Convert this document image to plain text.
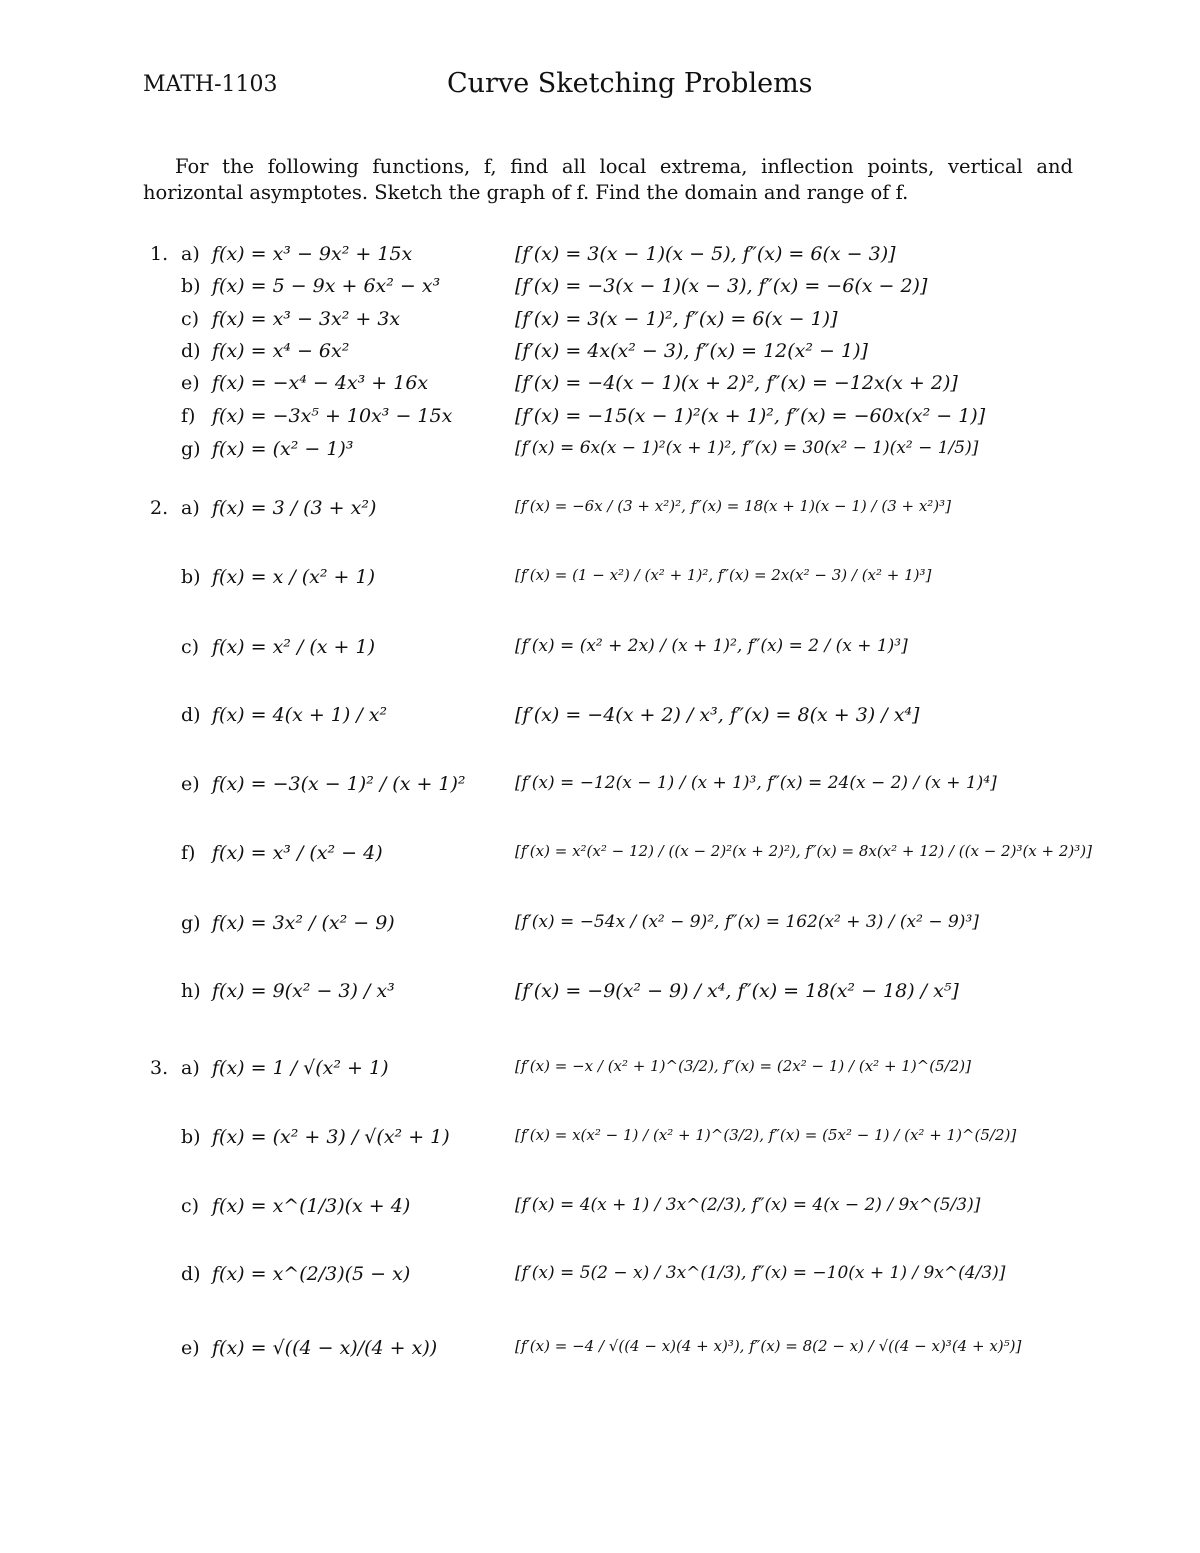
MATH-1103	Curve Sketching Problems
For the following functions, f, find all local extrema, inflection points, vertical and horizontal asymptotes. Sketch the graph of f. Find the domain and range of f.
1. a) f(x) = x³ − 9x² + 15x	[f′(x) = 3(x − 1)(x − 5), f″(x) = 6(x − 3)]
b) f(x) = 5 − 9x + 6x² − x³	[f′(x) = −3(x − 1)(x − 3), f″(x) = −6(x − 2)]
c) f(x) = x³ − 3x² + 3x	[f′(x) = 3(x − 1)², f″(x) = 6(x − 1)]
d) f(x) = x⁴ − 6x²	[f′(x) = 4x(x² − 3), f″(x) = 12(x² − 1)]
e) f(x) = −x⁴ − 4x³ + 16x	[f′(x) = −4(x − 1)(x + 2)², f″(x) = −12x(x + 2)]
f) f(x) = −3x⁵ + 10x³ − 15x	[f′(x) = −15(x − 1)²(x + 1)², f″(x) = −60x(x² − 1)]
g) f(x) = (x² − 1)³	[f′(x) = 6x(x − 1)²(x + 1)², f″(x) = 30(x² − 1)(x² − 1/5)]
2. a) f(x) = 3 / (3 + x²)	[f′(x) = −6x / (3 + x²)², f″(x) = 18(x + 1)(x − 1) / (3 + x²)³]
b) f(x) = x / (x² + 1)	[f′(x) = (1 − x²) / (x² + 1)², f″(x) = 2x(x² − 3) / (x² + 1)³]
c) f(x) = x² / (x + 1)	[f′(x) = (x² + 2x) / (x + 1)², f″(x) = 2 / (x + 1)³]
d) f(x) = 4(x + 1) / x²	[f′(x) = −4(x + 2) / x³, f″(x) = 8(x + 3) / x⁴]
e) f(x) = −3(x − 1)² / (x + 1)²	[f′(x) = −12(x − 1) / (x + 1)³, f″(x) = 24(x − 2) / (x + 1)⁴]
f) f(x) = x³ / (x² − 4)	[f′(x) = x²(x² − 12) / ((x − 2)²(x + 2)²), f″(x) = 8x(x² + 12) / ((x − 2)³(x + 2)³)]
g) f(x) = 3x² / (x² − 9)	[f′(x) = −54x / (x² − 9)², f″(x) = 162(x² + 3) / (x² − 9)³]
h) f(x) = 9(x² − 3) / x³	[f′(x) = −9(x² − 9) / x⁴, f″(x) = 18(x² − 18) / x⁵]
3. a) f(x) = 1 / √(x² + 1)	[f′(x) = −x / (x² + 1)^(3/2), f″(x) = (2x² − 1) / (x² + 1)^(5/2)]
b) f(x) = (x² + 3) / √(x² + 1)	[f′(x) = x(x² − 1) / (x² + 1)^(3/2), f″(x) = (5x² − 1) / (x² + 1)^(5/2)]
c) f(x) = x^(1/3)(x + 4)	[f′(x) = 4(x + 1) / 3x^(2/3), f″(x) = 4(x − 2) / 9x^(5/3)]
d) f(x) = x^(2/3)(5 − x)	[f′(x) = 5(2 − x) / 3x^(1/3), f″(x) = −10(x + 1) / 9x^(4/3)]
e) f(x) = √((4 − x)/(4 + x))	[f′(x) = −4 / √((4 − x)(4 + x)³), f″(x) = 8(2 − x) / √((4 − x)³(4 + x)⁵)]
